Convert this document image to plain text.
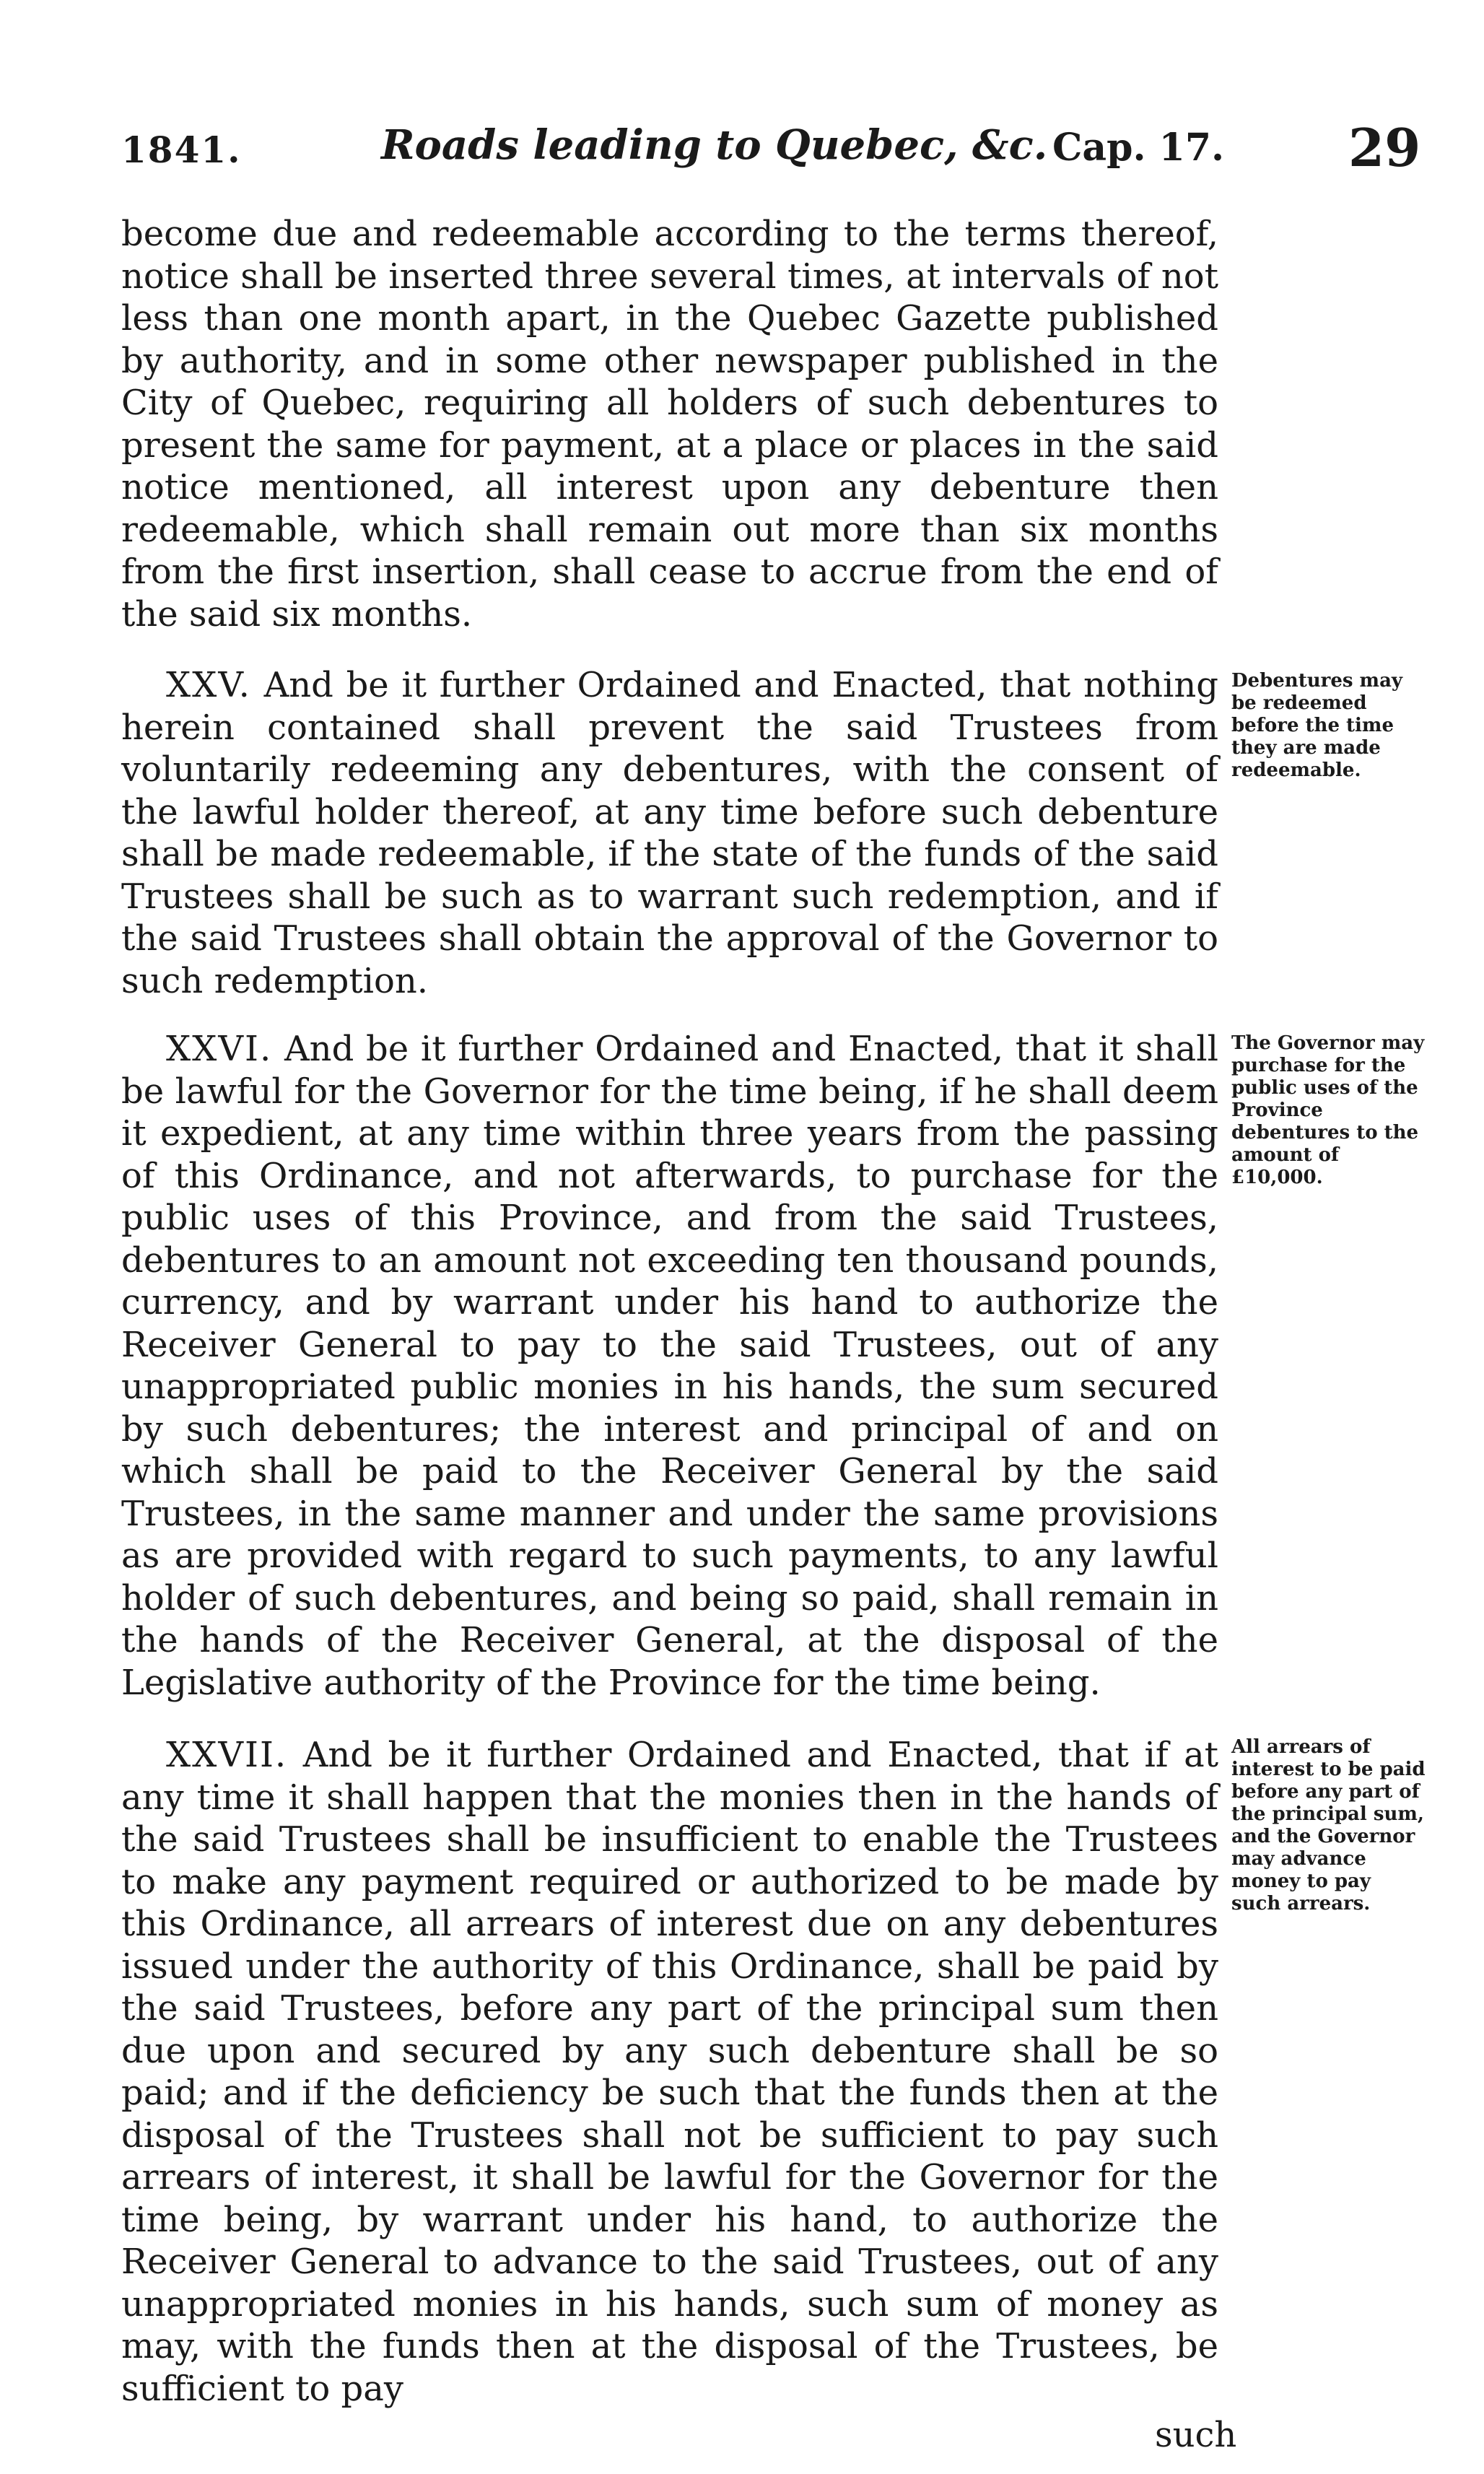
1841.	Roads leading to Quebec, &c. Cap. 17. 29
become due and redeemable according to the terms thereof, notice shall be inserted three several times, at intervals of not less than one month apart, in the Quebec Gazette published by authority, and in some other newspaper published in the City of Quebec, requiring all holders of such debentures to present the same for payment, at a place or places in the said notice mentioned, all interest upon any debenture then redeemable, which shall remain out more than six months from the first insertion, shall cease to accrue from the end of the said six months.
XXV. And be it further Ordained and Enacted, that nothing herein contained shall prevent the said Trustees from voluntarily redeeming any debentures, with the consent of the lawful holder thereof, at any time before such debenture shall be made redeemable, if the state of the funds of the said Trustees shall be such as to warrant such redemption, and if the said Trustees shall obtain the approval of the Governor to such redemption.
Debentures may be redeemed before the time they are made redeemable.
XXVI. And be it further Ordained and Enacted, that it shall be lawful for the Governor for the time being, if he shall deem it expedient, at any time within three years from the passing of this Ordinance, and not afterwards, to purchase for the public uses of this Province, and from the said Trustees, debentures to an amount not exceeding ten thousand pounds, currency, and by warrant under his hand to authorize the Receiver General to pay to the said Trustees, out of any unappropriated public monies in his hands, the sum secured by such debentures; the interest and principal of and on which shall be paid to the Receiver General by the said Trustees, in the same manner and under the same provisions as are provided with regard to such payments, to any lawful holder of such debentures, and being so paid, shall remain in the hands of the Receiver General, at the disposal of the Legislative authority of the Province for the time being.
The Governor may purchase for the public uses of the Province debentures to the amount of £10,000.
XXVII. And be it further Ordained and Enacted, that if at any time it shall happen that the monies then in the hands of the said Trustees shall be insufficient to enable the Trustees to make any payment required or authorized to be made by this Ordinance, all arrears of interest due on any debentures issued under the authority of this Ordinance, shall be paid by the said Trustees, before any part of the principal sum then due upon and secured by any such debenture shall be so paid; and if the deficiency be such that the funds then at the disposal of the Trustees shall not be sufficient to pay such arrears of interest, it shall be lawful for the Governor for the time being, by warrant under his hand, to authorize the Receiver General to advance to the said Trustees, out of any unappropriated monies in his hands, such sum of money as may, with the funds then at the disposal of the Trustees, be sufficient to pay
All arrears of interest to be paid before any part of the principal sum, and the Governor may advance money to pay such arrears.
such
